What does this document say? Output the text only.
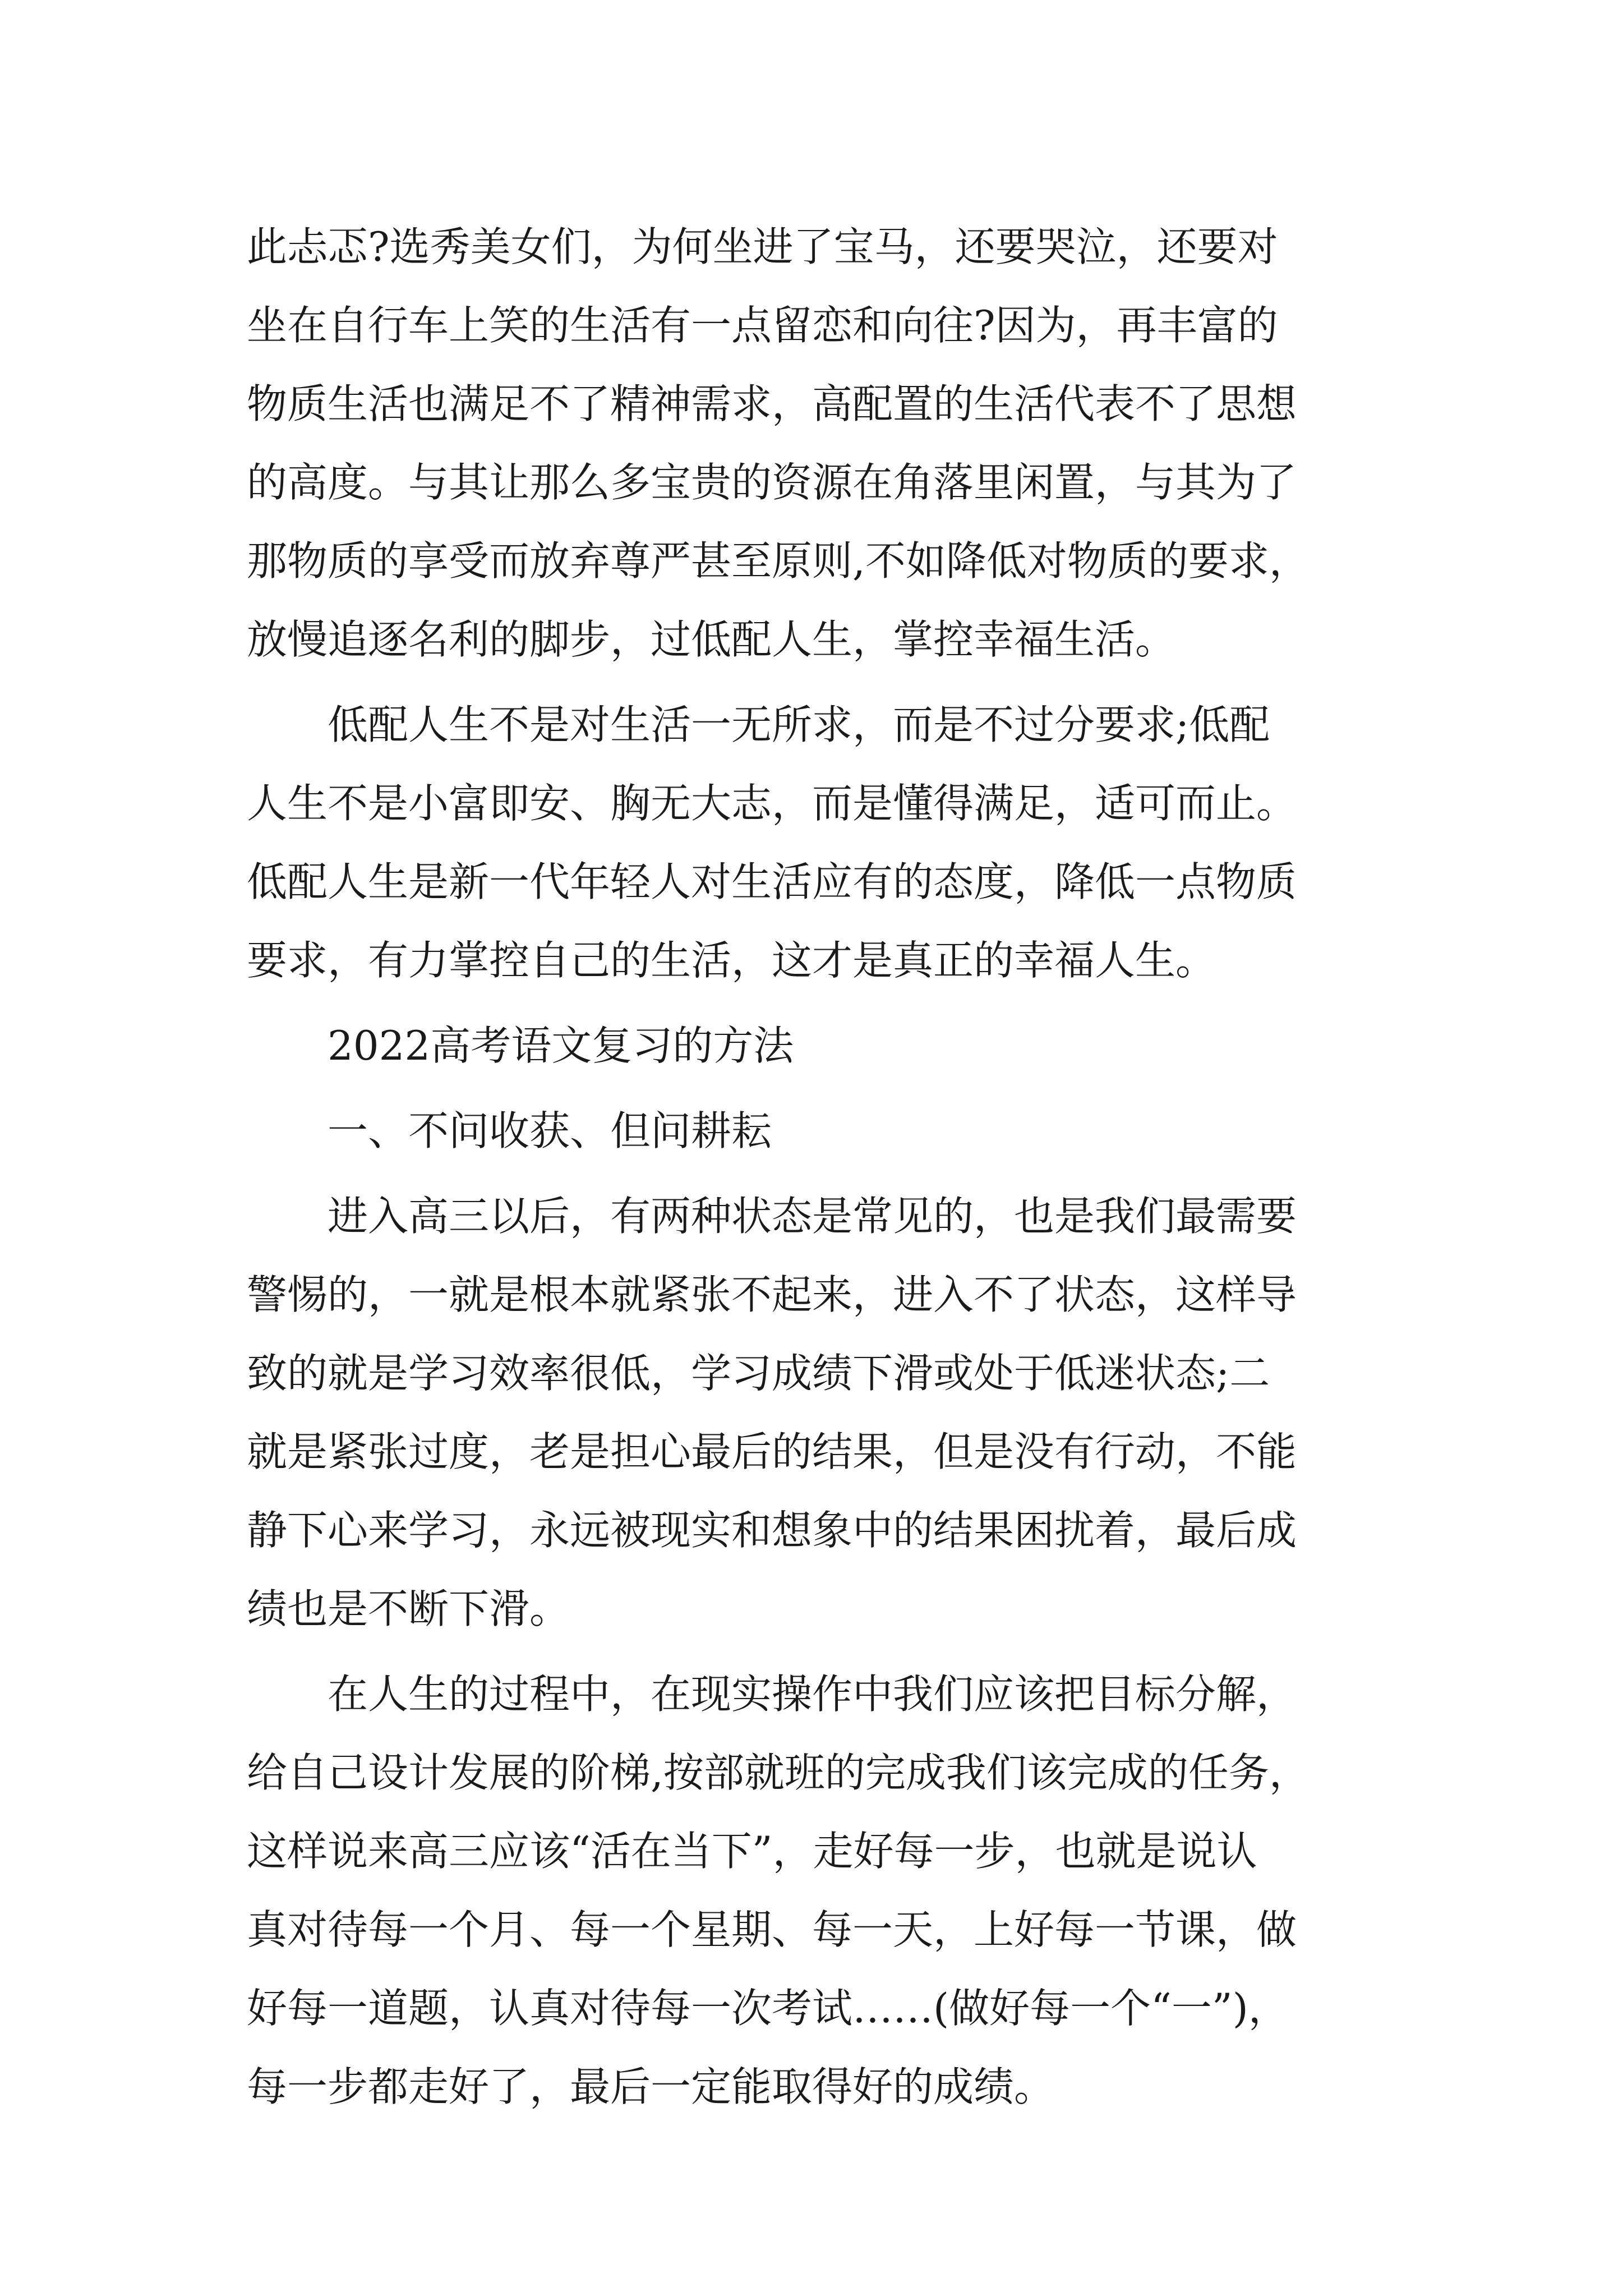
此忐忑?选秀美女们，为何坐进了宝马，还要哭泣，还要对
坐在自行车上笑的生活有一点留恋和向往?因为，再丰富的
物质生活也满足不了精神需求，高配置的生活代表不了思想
的高度。与其让那么多宝贵的资源在角落里闲置，与其为了
那物质的享受而放弃尊严甚至原则,不如降低对物质的要求，
放慢追逐名利的脚步，过低配人生，掌控幸福生活。
低配人生不是对生活一无所求，而是不过分要求;低配
人生不是小富即安、胸无大志，而是懂得满足，适可而止。
低配人生是新一代年轻人对生活应有的态度，降低一点物质
要求，有力掌控自己的生活，这才是真正的幸福人生。
2022高考语文复习的方法
一、不问收获、但问耕耘
进入高三以后，有两种状态是常见的，也是我们最需要
警惕的，一就是根本就紧张不起来，进入不了状态，这样导
致的就是学习效率很低，学习成绩下滑或处于低迷状态;二
就是紧张过度，老是担心最后的结果，但是没有行动，不能
静下心来学习，永远被现实和想象中的结果困扰着，最后成
绩也是不断下滑。
在人生的过程中，在现实操作中我们应该把目标分解，
给自己设计发展的阶梯,按部就班的完成我们该完成的任务，
这样说来高三应该“活在当下”，走好每一步，也就是说认
真对待每一个月、每一个星期、每一天，上好每一节课，做
好每一道题，认真对待每一次考试……(做好每一个“一”)，
每一步都走好了，最后一定能取得好的成绩。
